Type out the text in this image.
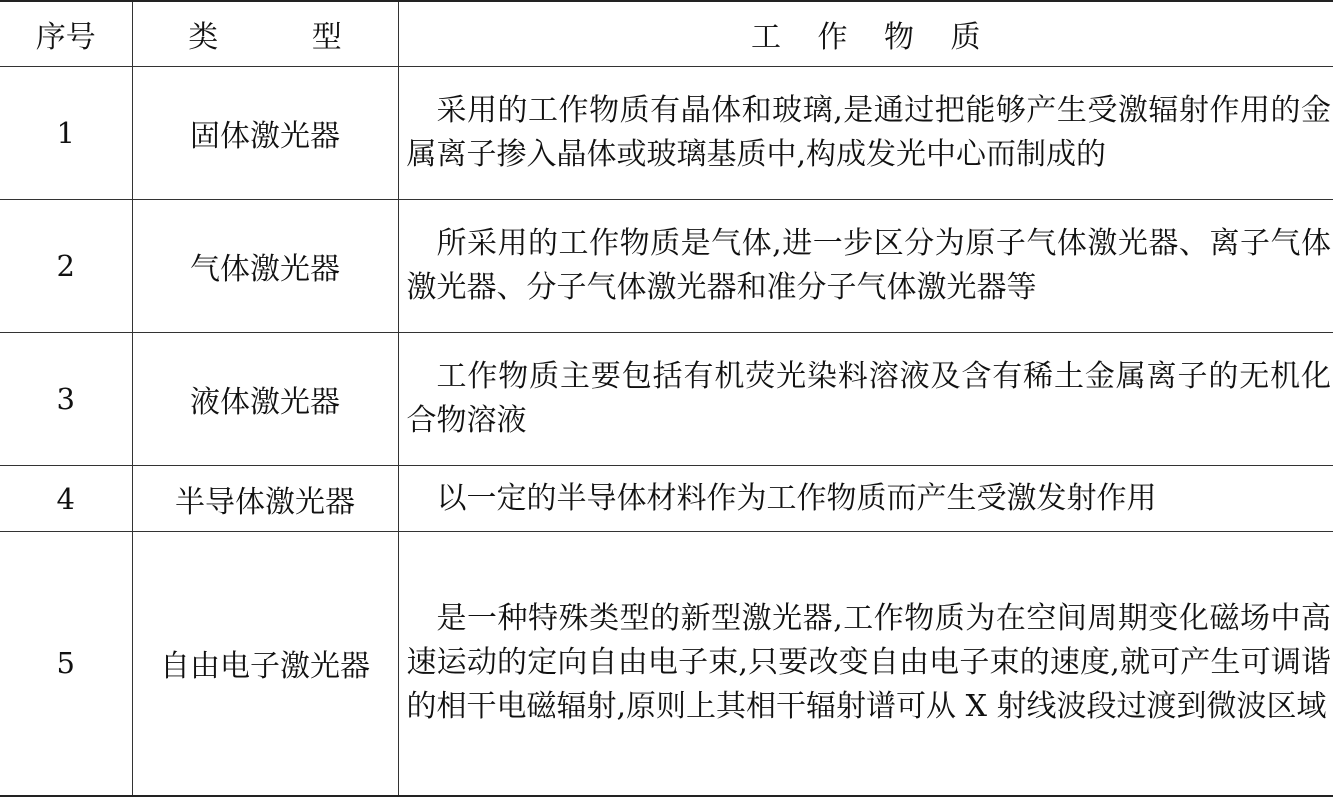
序号	类 型	工 作 物 质
1	固体激光器	采用的工作物质有晶体和玻璃,是通过把能够产生受激辐射作用的金属离子掺入晶体或玻璃基质中,构成发光中心而制成的
2	气体激光器	所采用的工作物质是气体,进一步区分为原子气体激光器、离子气体激光器、分子气体激光器和准分子气体激光器等
3	液体激光器	工作物质主要包括有机荧光染料溶液及含有稀土金属离子的无机化合物溶液
4	半导体激光器	以一定的半导体材料作为工作物质而产生受激发射作用
5	自由电子激光器	是一种特殊类型的新型激光器,工作物质为在空间周期变化磁场中高速运动的定向自由电子束,只要改变自由电子束的速度,就可产生可调谐的相干电磁辐射,原则上其相干辐射谱可从 X 射线波段过渡到微波区域
